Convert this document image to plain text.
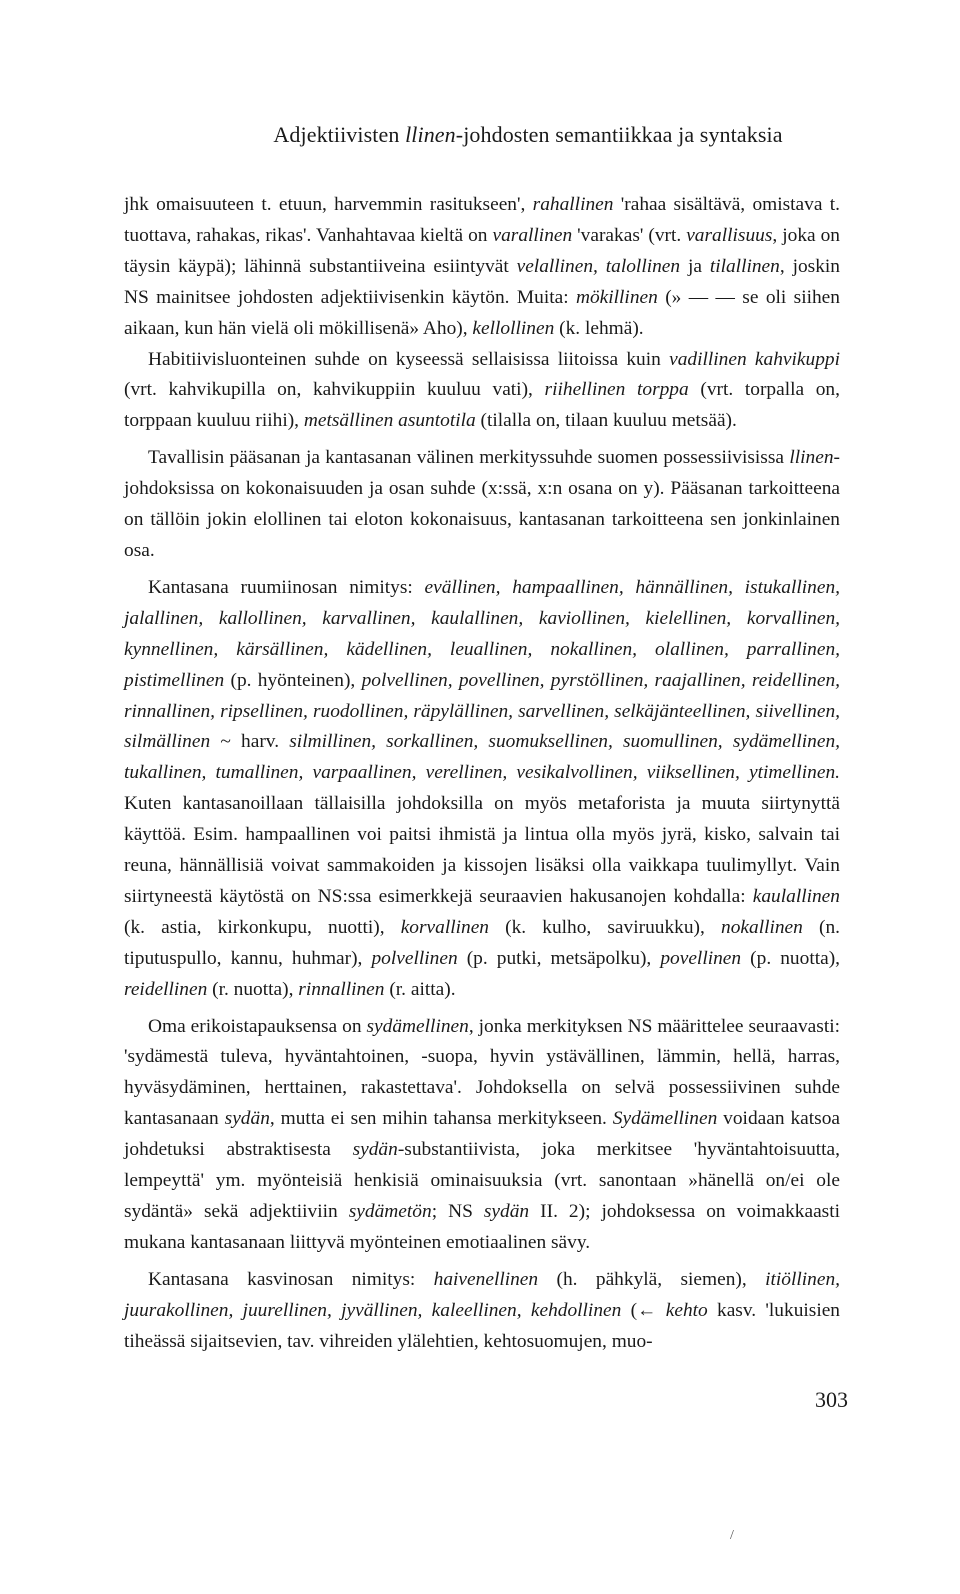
Adjektiivisten llinen-johdosten semantiikkaa ja syntaksia

jhk omaisuuteen t. etuun, harvemmin rasitukseen', rahallinen 'rahaa sisältävä, omistava t. tuottava, rahakas, rikas'. Vanhahtavaa kieltä on varallinen 'varakas' (vrt. varallisuus, joka on täysin käypä); lähinnä substantiiveina esiintyvät velallinen, talollinen ja tilallinen, joskin NS mainitsee johdosten adjektiivisenkin käytön. Muita: mökillinen (» — — se oli siihen aikaan, kun hän vielä oli mökillisenä» Aho), kellollinen (k. lehmä).

Habitiivisluonteinen suhde on kyseessä sellaisissa liitoissa kuin vadillinen kahvikuppi (vrt. kahvikupilla on, kahvikuppiin kuuluu vati), riihellinen torppa (vrt. torpalla on, torppaan kuuluu riihi), metsällinen asuntotila (tilalla on, tilaan kuuluu metsää).

Tavallisin pääsanan ja kantasanan välinen merkityssuhde suomen possessiivisissa llinen-johdoksissa on kokonaisuuden ja osan suhde (x:ssä, x:n osana on y). Pääsanan tarkoitteena on tällöin jokin elollinen tai eloton kokonaisuus, kantasanan tarkoitteena sen jonkinlainen osa.

Kantasana ruumiinosan nimitys: evällinen, hampaallinen, hännällinen, istukallinen, jalallinen, kallollinen, karvallinen, kaulallinen, kaviollinen, kielellinen, korvallinen, kynnellinen, kärsällinen, kädellinen, leuallinen, nokallinen, olallinen, parrallinen, pistimellinen (p. hyönteinen), polvellinen, povellinen, pyrstöllinen, raajallinen, reidellinen, rinnallinen, ripsellinen, ruodollinen, räpylällinen, sarvellinen, selkäjänteellinen, siivellinen, silmällinen ~ harv. silmillinen, sorkallinen, suomuksellinen, suomullinen, sydämellinen, tukallinen, tumallinen, varpaallinen, verellinen, vesikalvollinen, viiksellinen, ytimellinen. Kuten kantasanoillaan tällaisilla johdoksilla on myös metaforista ja muuta siirtynyttä käyttöä. Esim. hampaallinen voi paitsi ihmistä ja lintua olla myös jyrä, kisko, salvain tai reuna, hännällisiä voivat sammakoiden ja kissojen lisäksi olla vaikkapa tuulimyllyt. Vain siirtyneestä käytöstä on NS:ssa esimerkkejä seuraavien hakusanojen kohdalla: kaulallinen (k. astia, kirkonkupu, nuotti), korvallinen (k. kulho, saviruukku), nokallinen (n. tiputuspullo, kannu, huhmar), polvellinen (p. putki, metsäpolku), povellinen (p. nuotta), reidellinen (r. nuotta), rinnallinen (r. aitta).

Oma erikoistapauksensa on sydämellinen, jonka merkityksen NS määrittelee seuraavasti: 'sydämestä tuleva, hyväntahtoinen, -suopa, hyvin ystävällinen, lämmin, hellä, harras, hyväsydäminen, herttainen, rakastettava'. Johdoksella on selvä possessiivinen suhde kantasanaan sydän, mutta ei sen mihin tahansa merkitykseen. Sydämellinen voidaan katsoa johdetuksi abstraktisesta sydän-substantiivista, joka merkitsee 'hyväntahtoisuutta, lempeyttä' ym. myönteisiä henkisiä ominaisuuksia (vrt. sanontaan »hänellä on/ei ole sydäntä» sekä adjektiiviin sydämetön; NS sydän II. 2); johdoksessa on voimakkaasti mukana kantasanaan liittyvä myönteinen emotiaalinen sävy.

Kantasana kasvinosan nimitys: haivenellinen (h. pähkylä, siemen), itiöllinen, juurakollinen, juurellinen, jyvällinen, kaleellinen, kehdollinen (← kehto kasv. 'lukuisien tiheässä sijaitsevien, tav. vihreiden ylälehtien, kehtosuomujen, muo-

303
/
